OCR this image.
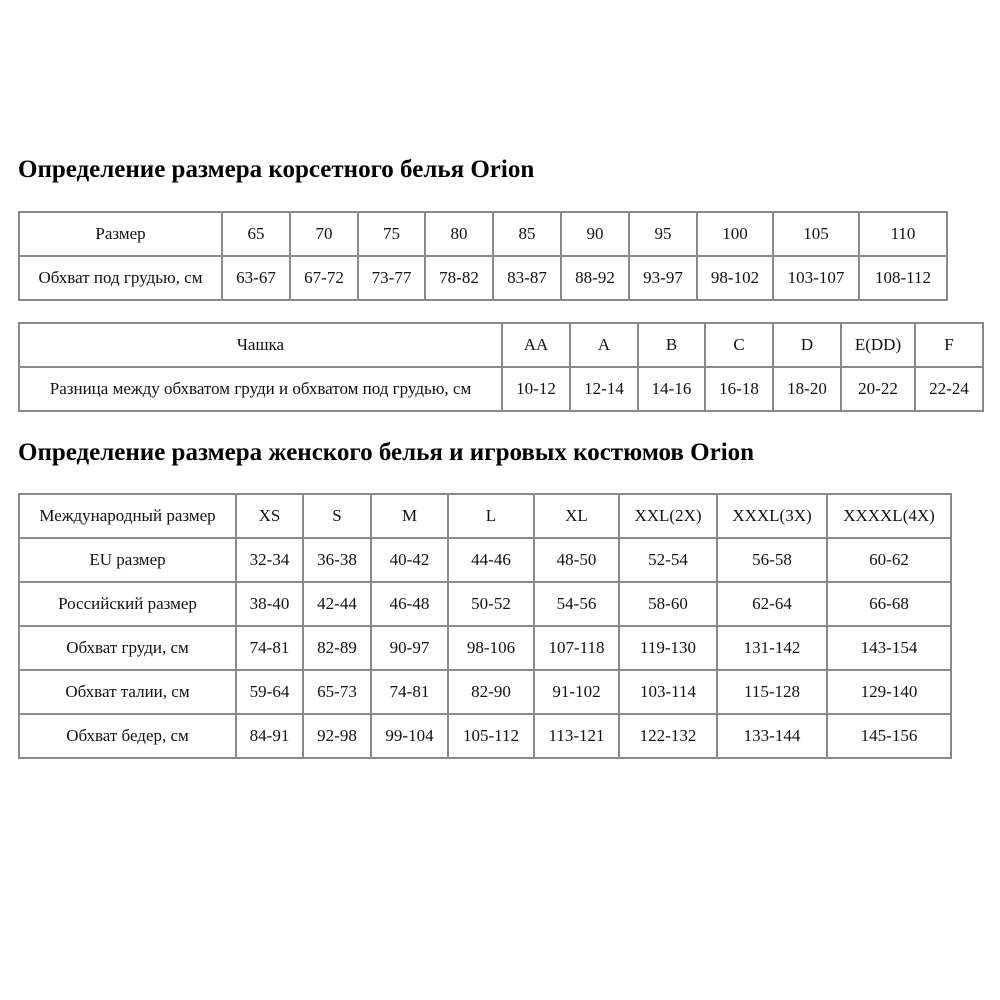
Определение размера корсетного белья Orion
Размер	65	70	75	80	85	90	95	100	105	110
Обхват под грудью, см	63-67	67-72	73-77	78-82	83-87	88-92	93-97	98-102	103-107	108-112
Чашка	AA	A	B	C	D	E(DD)	F
Разница между обхватом груди и обхватом под грудью, см	10-12	12-14	14-16	16-18	18-20	20-22	22-24
Определение размера женского белья и игровых костюмов Orion
Международный размер	XS	S	M	L	XL	XXL(2X)	XXXL(3X)	XXXXL(4X)
EU размер	32-34	36-38	40-42	44-46	48-50	52-54	56-58	60-62
Российский размер	38-40	42-44	46-48	50-52	54-56	58-60	62-64	66-68
Обхват груди, см	74-81	82-89	90-97	98-106	107-118	119-130	131-142	143-154
Обхват талии, см	59-64	65-73	74-81	82-90	91-102	103-114	115-128	129-140
Обхват бедер, см	84-91	92-98	99-104	105-112	113-121	122-132	133-144	145-156
